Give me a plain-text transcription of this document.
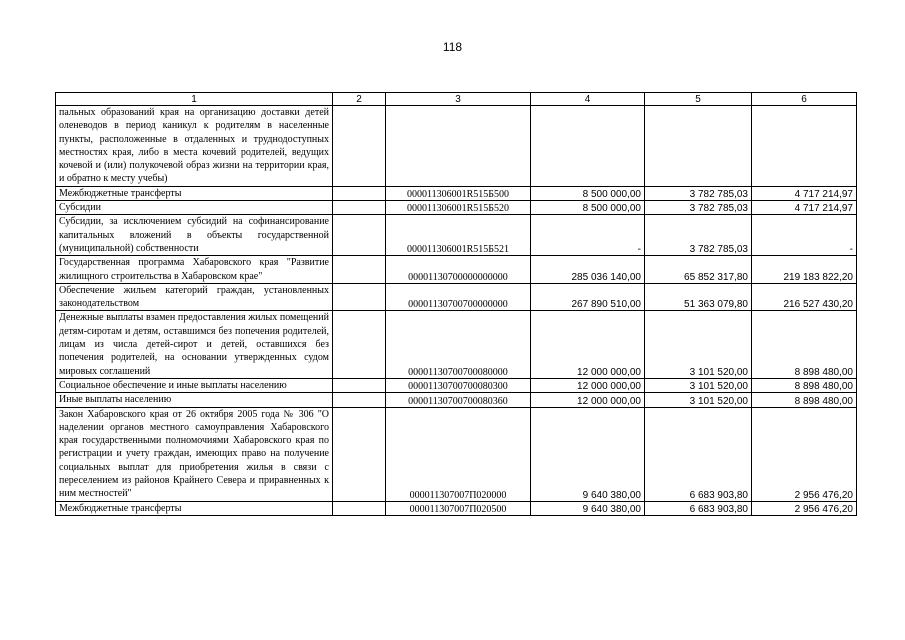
118
1	2	3	4	5	6
пальных образований края на организацию доставки детей оленеводов в период каникул к родителям в населенные пункты, расположенные в отдаленных и труднодоступных местностях края, либо в места кочевий родителей, ведущих кочевой и (или) полукочевой образ жизни на территории края, и обратно к месту учебы)					
Межбюджетные трансферты		000011306001R515Б500	8 500 000,00	3 782 785,03	4 717 214,97
Субсидии		000011306001R515Б520	8 500 000,00	3 782 785,03	4 717 214,97
Субсидии, за исключением субсидий на софинансирование капитальных вложений в объекты государственной (муниципальной) собственности		000011306001R515Б521	-	3 782 785,03	-
Государственная программа Хабаровского края "Развитие жилищного строительства в Хабаровском крае"		00001130700000000000	285 036 140,00	65 852 317,80	219 183 822,20
Обеспечение жильем категорий граждан, установленных законодательством		00001130700700000000	267 890 510,00	51 363 079,80	216 527 430,20
Денежные выплаты взамен предоставления жилых помещений детям-сиротам и детям, оставшимся без попечения родителей, лицам из числа детей-сирот и детей, оставшихся без попечения родителей, на основании утвержденных судом мировых соглашений		00001130700700080000	12 000 000,00	3 101 520,00	8 898 480,00
Социальное обеспечение и иные выплаты населению		00001130700700080300	12 000 000,00	3 101 520,00	8 898 480,00
Иные выплаты населению		00001130700700080360	12 000 000,00	3 101 520,00	8 898 480,00
Закон Хабаровского края от 26 октября 2005 года № 306 "О наделении органов местного самоуправления Хабаровского края государственными полномочиями Хабаровского края по регистрации и учету граждан, имеющих право на получение социальных выплат для приобретения жилья в связи с переселением из районов Крайнего Севера и приравненных к ним местностей"		000011307007П020000	9 640 380,00	6 683 903,80	2 956 476,20
Межбюджетные трансферты		000011307007П020500	9 640 380,00	6 683 903,80	2 956 476,20
